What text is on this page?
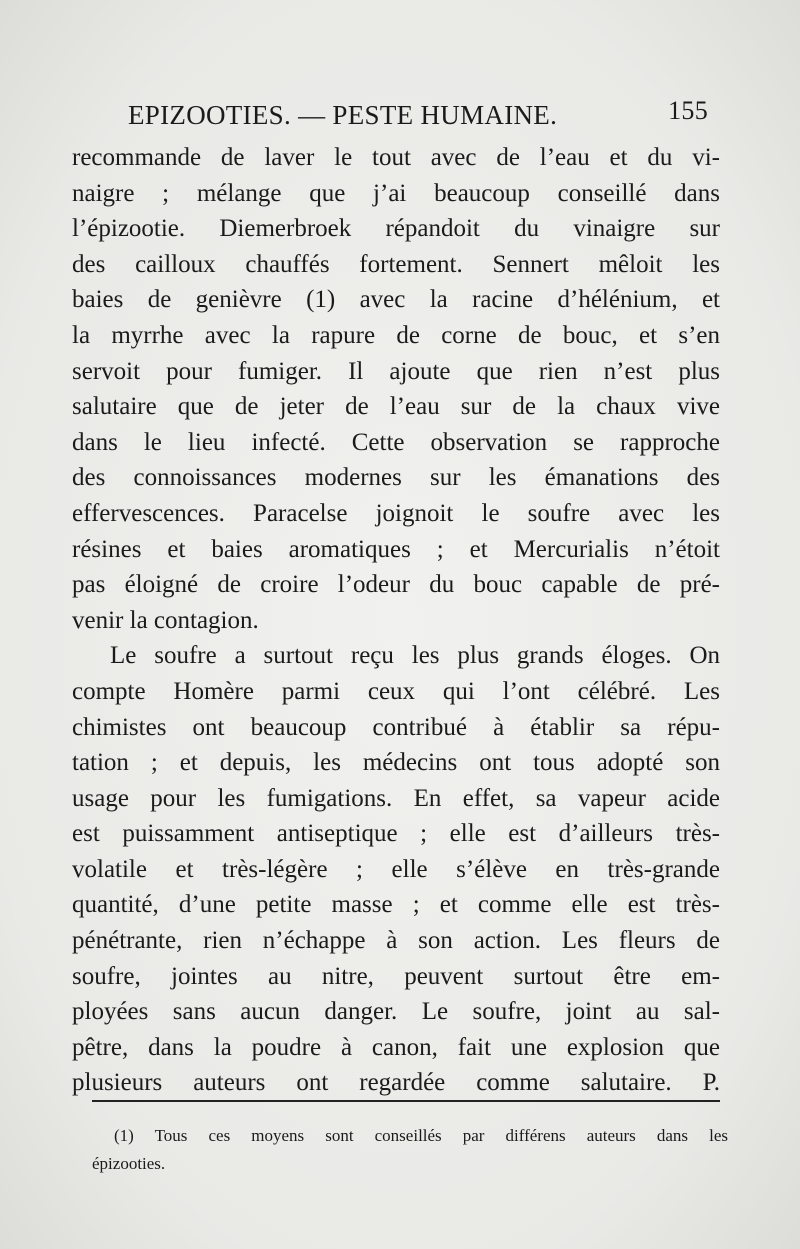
EPIZOOTIES. — PESTE HUMAINE.	155
recommande de laver le tout avec de l’eau et du vi-
naigre ; mélange que j’ai beaucoup conseillé dans
l’épizootie. Diemerbroek répandoit du vinaigre sur
des cailloux chauffés fortement. Sennert mêloit les
baies de genièvre (1) avec la racine d’hélénium, et
la myrrhe avec la rapure de corne de bouc, et s’en
servoit pour fumiger. Il ajoute que rien n’est plus
salutaire que de jeter de l’eau sur de la chaux vive
dans le lieu infecté. Cette observation se rapproche
des connoissances modernes sur les émanations des
effervescences. Paracelse joignoit le soufre avec les
résines et baies aromatiques ; et Mercurialis n’étoit
pas éloigné de croire l’odeur du bouc capable de pré-
venir la contagion.
Le soufre a surtout reçu les plus grands éloges. On
compte Homère parmi ceux qui l’ont célébré. Les
chimistes ont beaucoup contribué à établir sa répu-
tation ; et depuis, les médecins ont tous adopté son
usage pour les fumigations. En effet, sa vapeur acide
est puissamment antiseptique ; elle est d’ailleurs très-
volatile et très-légère ; elle s’élève en très-grande
quantité, d’une petite masse ; et comme elle est très-
pénétrante, rien n’échappe à son action. Les fleurs de
soufre, jointes au nitre, peuvent surtout être em-
ployées sans aucun danger. Le soufre, joint au sal-
pêtre, dans la poudre à canon, fait une explosion que
plusieurs auteurs ont regardée comme salutaire. P.
(1) Tous ces moyens sont conseillés par différens auteurs dans les
épizooties.
